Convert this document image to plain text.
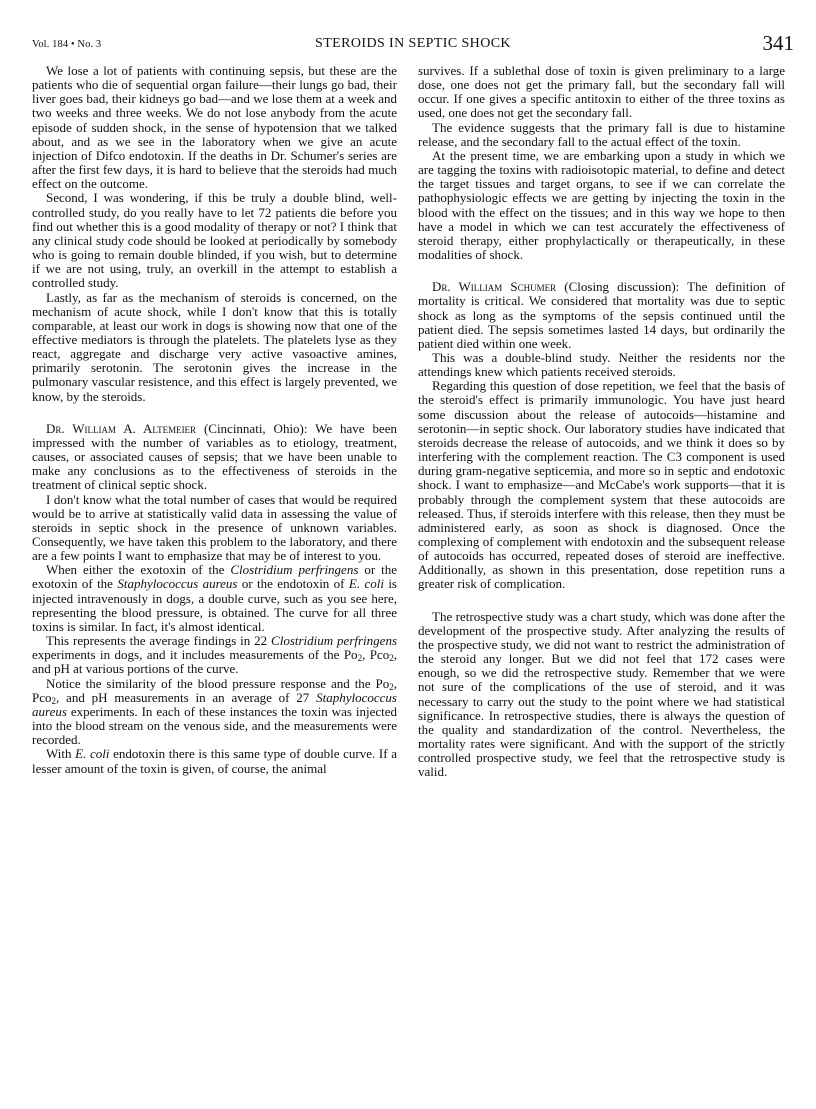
Vol. 184 • No. 3	STEROIDS IN SEPTIC SHOCK	341

We lose a lot of patients with continuing sepsis, but these are the patients who die of sequential organ failure—their lungs go bad, their liver goes bad, their kidneys go bad—and we lose them at a week and two weeks and three weeks. We do not lose anybody from the acute episode of sudden shock, in the sense of hypotension that we talked about, and as we see in the laboratory when we give an acute injection of Difco endotoxin. If the deaths in Dr. Schumer's series are after the first few days, it is hard to believe that the steroids had much effect on the outcome.

Second, I was wondering, if this be truly a double blind, well-controlled study, do you really have to let 72 patients die before you find out whether this is a good modality of therapy or not? I think that any clinical study code should be looked at periodically by somebody who is going to remain double blinded, if you wish, but to determine if we are not using, truly, an overkill in the attempt to establish a controlled study.

Lastly, as far as the mechanism of steroids is concerned, on the mechanism of acute shock, while I don't know that this is totally comparable, at least our work in dogs is showing now that one of the effective mediators is through the platelets. The platelets lyse as they react, aggregate and discharge very active vasoactive amines, primarily serotonin. The serotonin gives the increase in the pulmonary vascular resistence, and this effect is largely prevented, we know, by the steroids.

Dr. William A. Altemeier (Cincinnati, Ohio): We have been impressed with the number of variables as to etiology, treatment, causes, or associated causes of sepsis; that we have been unable to make any conclusions as to the effectiveness of steroids in the treatment of clinical septic shock.

I don't know what the total number of cases that would be required would be to arrive at statistically valid data in assessing the value of steroids in septic shock in the presence of unknown variables. Consequently, we have taken this problem to the laboratory, and there are a few points I want to emphasize that may be of interest to you.

When either the exotoxin of the Clostridium perfringens or the exotoxin of the Staphylococcus aureus or the endotoxin of E. coli is injected intravenously in dogs, a double curve, such as you see here, representing the blood pressure, is obtained. The curve for all three toxins is similar. In fact, it's almost identical.

This represents the average findings in 22 Clostridium perfringens experiments in dogs, and it includes measurements of the $Po_2$, Pco$_2$, and pH at various portions of the curve.

Notice the similarity of the blood pressure response and the $Po_2$, Pco$_2$, and pH measurements in an average of 27 Staphylococcus aureus experiments. In each of these instances the toxin was injected into the blood stream on the venous side, and the measurements were recorded.

With E. coli endotoxin there is this same type of double curve. If a lesser amount of the toxin is given, of course, the animal

survives. If a sublethal dose of toxin is given preliminary to a large dose, one does not get the primary fall, but the secondary fall will occur. If one gives a specific antitoxin to either of the three toxins as used, one does not get the secondary fall.

The evidence suggests that the primary fall is due to histamine release, and the secondary fall to the actual effect of the toxin.

At the present time, we are embarking upon a study in which we are tagging the toxins with radioisotopic material, to define and detect the target tissues and target organs, to see if we can correlate the pathophysiologic effects we are getting by injecting the toxin in the blood with the effect on the tissues; and in this way we hope to then have a model in which we can test accurately the effectiveness of steroid therapy, either prophylactically or therapeutically, in these modalities of shock.

Dr. William Schumer (Closing discussion): The definition of mortality is critical. We considered that mortality was due to septic shock as long as the symptoms of the sepsis continued until the patient died. The sepsis sometimes lasted 14 days, but ordinarily the patient died within one week.

This was a double-blind study. Neither the residents nor the attendings knew which patients received steroids.

Regarding this question of dose repetition, we feel that the basis of the steroid's effect is primarily immunologic. You have just heard some discussion about the release of autocoids—histamine and serotonin—in septic shock. Our laboratory studies have indicated that steroids decrease the release of autocoids, and we think it does so by interfering with the complement reaction. The C3 component is used during gram-negative septicemia, and more so in septic and endotoxic shock. I want to emphasize—and McCabe's work supports—that it is probably through the complement system that these autocoids are released. Thus, if steroids interfere with this release, then they must be administered early, as soon as shock is diagnosed. Once the complexing of complement with endotoxin and the subsequent release of autocoids has occurred, repeated doses of steroid are ineffective. Additionally, as shown in this presentation, dose repetition runs a greater risk of complication.

The retrospective study was a chart study, which was done after the development of the prospective study. After analyzing the results of the prospective study, we did not want to restrict the administration of the steroid any longer. But we did not feel that 172 cases were enough, so we did the retrospective study. Remember that we were not sure of the complications of the use of steroid, and it was necessary to carry out the study to the point where we had statistical significance. In retrospective studies, there is always the question of the quality and standardization of the control. Nevertheless, the mortality rates were significant. And with the support of the strictly controlled prospective study, we feel that the retrospective study is valid.
